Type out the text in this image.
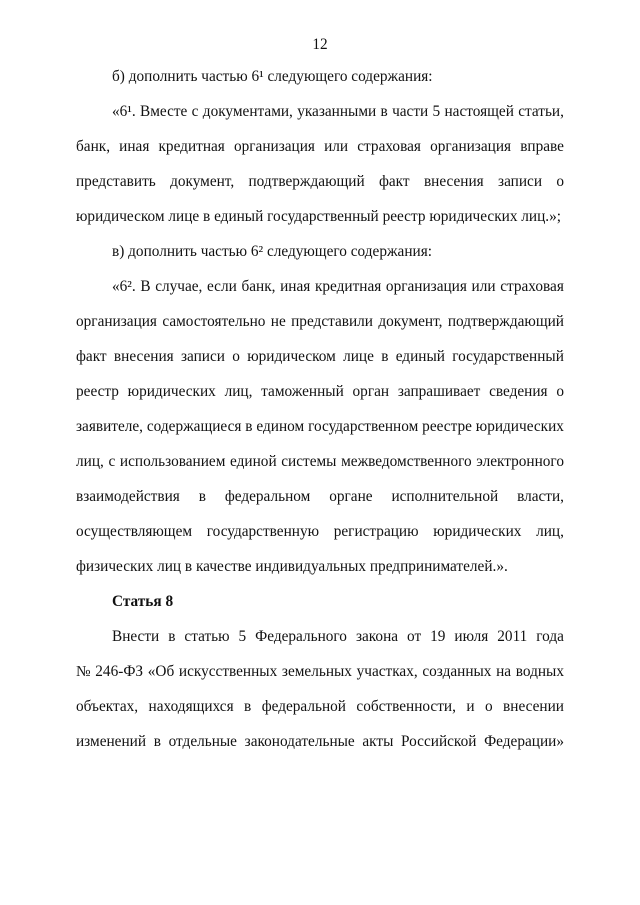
12
б) дополнить частью 6¹ следующего содержания:
«6¹. Вместе с документами, указанными в части 5 настоящей статьи,
банк, иная кредитная организация или страховая организация вправе
представить документ, подтверждающий факт внесения записи о
юридическом лице в единый государственный реестр юридических лиц.»;
в) дополнить частью 6² следующего содержания:
«6². В случае, если банк, иная кредитная организация или страховая
организация самостоятельно не представили документ, подтверждающий
факт внесения записи о юридическом лице в единый государственный
реестр юридических лиц, таможенный орган запрашивает сведения о
заявителе, содержащиеся в едином государственном реестре юридических
лиц, с использованием единой системы межведомственного электронного
взаимодействия в федеральном органе исполнительной власти,
осуществляющем государственную регистрацию юридических лиц,
физических лиц в качестве индивидуальных предпринимателей.».
Статья 8
Внести в статью 5 Федерального закона от 19 июля 2011 года
№ 246-ФЗ «Об искусственных земельных участках, созданных на водных
объектах, находящихся в федеральной собственности, и о внесении
изменений в отдельные законодательные акты Российской Федерации»
